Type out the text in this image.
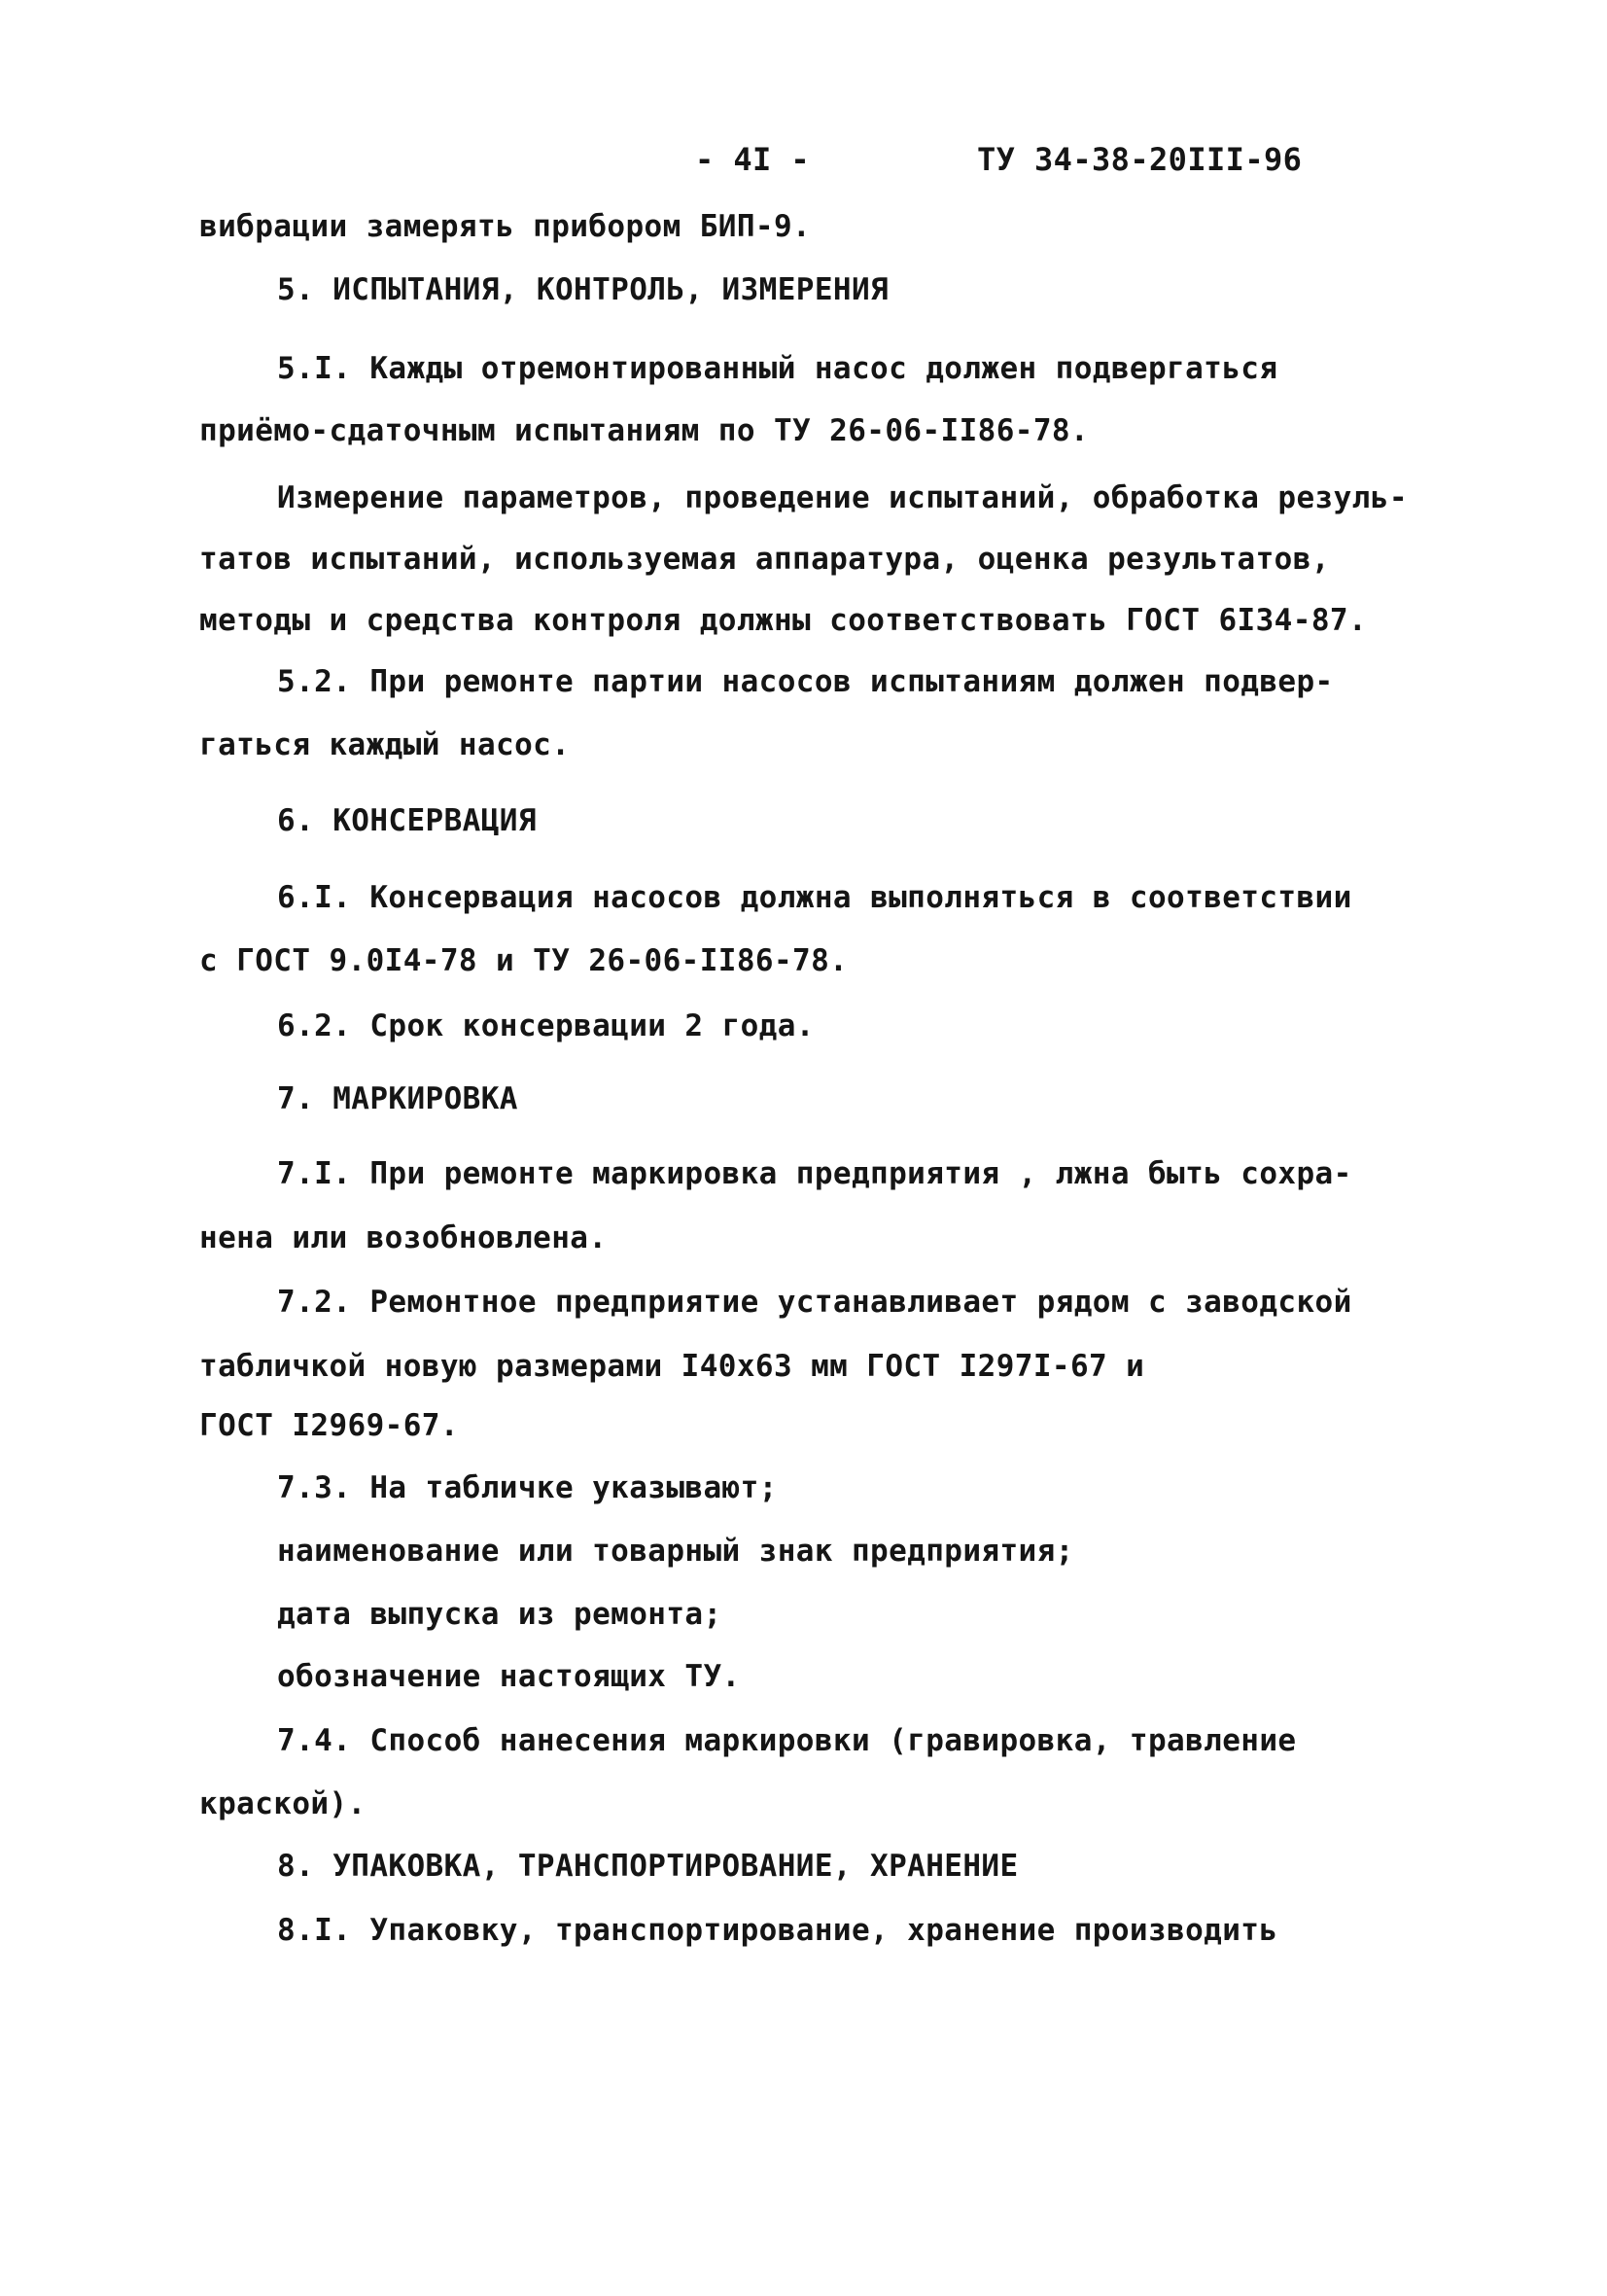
- 4I -	ТУ 34-38-20III-96
вибрации замерять прибором БИП-9.
5. ИСПЫТАНИЯ, КОНТРОЛЬ, ИЗМЕРЕНИЯ
5.I. Кажды отремонтированный насос должен подвергаться
приёмо-сдаточным испытаниям по ТУ 26-06-II86-78.
Измерение параметров, проведение испытаний, обработка резуль-
татов испытаний, используемая аппаратура, оценка результатов,
методы и средства контроля должны соответствовать ГОСТ 6I34-87.
5.2. При ремонте партии насосов испытаниям должен подвер-
гаться каждый насос.
6. КОНСЕРВАЦИЯ
6.I. Консервация насосов должна выполняться в соответствии
с ГОСТ 9.0I4-78 и ТУ 26-06-II86-78.
6.2. Срок консервации 2 года.
7. МАРКИРОВКА
7.I. При ремонте маркировка предприятия , лжна быть сохра-
нена или возобновлена.
7.2. Ремонтное предприятие устанавливает рядом с заводской
табличкой новую размерами I40x63 мм ГОСТ I297I-67 и
ГОСТ I2969-67.
7.3. На табличке указывают;
наименование или товарный знак предприятия;
дата выпуска из ремонта;
обозначение настоящих ТУ.
7.4. Способ нанесения маркировки (гравировка, травление
краской).
8. УПАКОВКА, ТРАНСПОРТИРОВАНИЕ, ХРАНЕНИЕ
8.I. Упаковку, транспортирование, хранение производить
